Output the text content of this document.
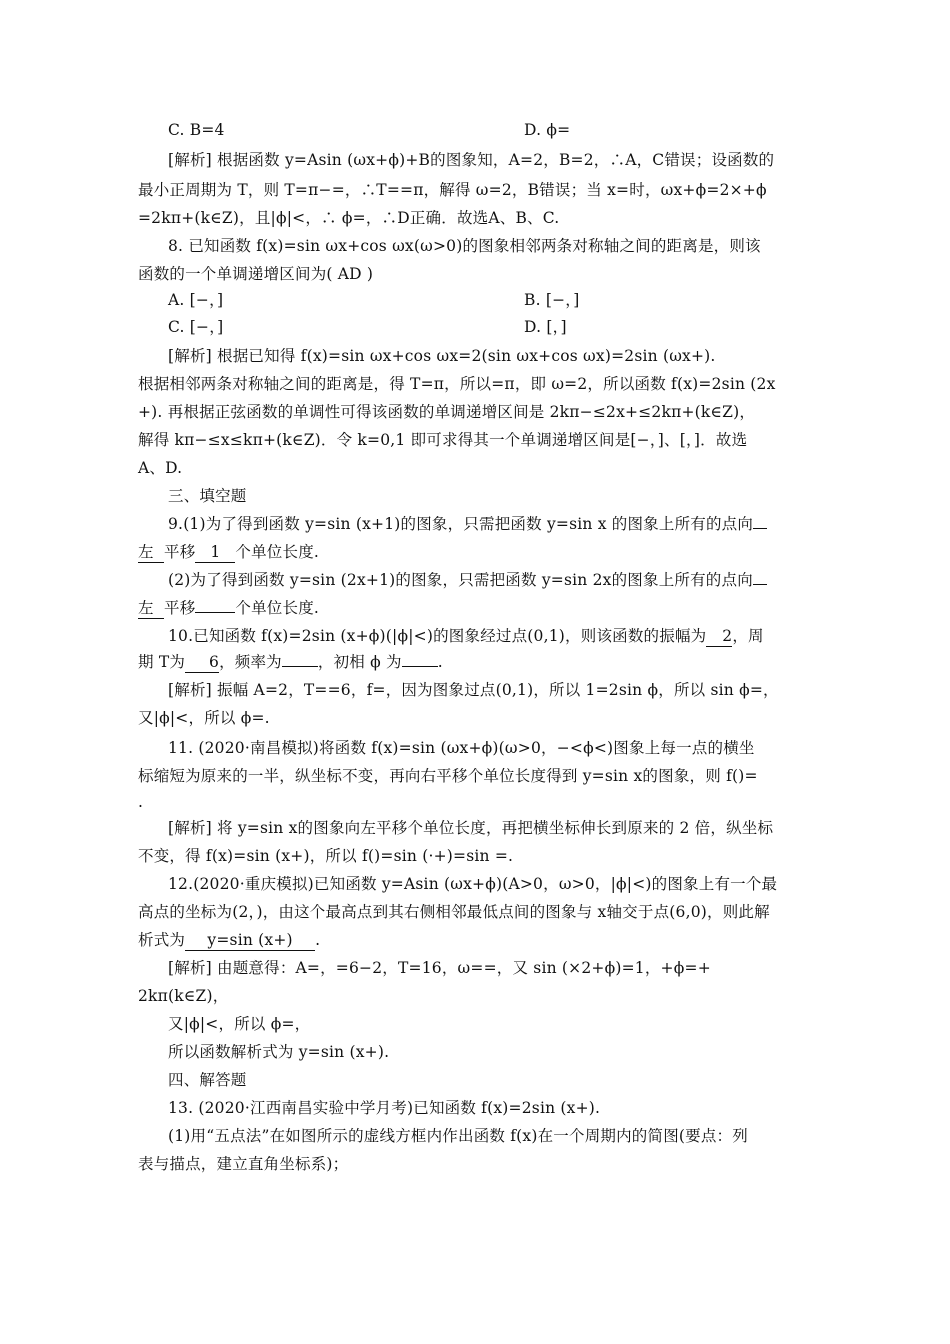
C. B=4	D. ϕ=
[解析] 根据函数 y=Asin (ωx+ϕ)+B的图象知，A=2，B=2，∴A，C错误；设函数的
最小正周期为 T，则 T=π−=，∴T==π，解得 ω=2，B错误；当 x=时，ωx+ϕ=2×+ϕ
=2kπ+(k∈Z)，且|ϕ|<，∴ ϕ=，∴D正确．故选A、B、C.
8. 已知函数 f(x)=sin ωx+cos ωx(ω>0)的图象相邻两条对称轴之间的距离是，则该
函数的一个单调递增区间为( AD )
A. [−，]	B. [−，]
C. [−，]	D. [，]
[解析] 根据已知得 f(x)=sin ωx+cos ωx=2(sin ωx+cos ωx)=2sin (ωx+).
根据相邻两条对称轴之间的距离是，得 T=π，所以=π，即 ω=2，所以函数 f(x)=2sin (2x
+). 再根据正弦函数的单调性可得该函数的单调递增区间是 2kπ−≤2x+≤2kπ+(k∈Z)，
解得 kπ−≤x≤kπ+(k∈Z)．令 k=0,1 即可求得其一个单调递增区间是[−，]、[，]．故选
A、D.
三、填空题
9.(1)为了得到函数 y=sin (x+1)的图象，只需把函数 y=sin x 的图象上所有的点向
左 平移 1 个单位长度.
(2)为了得到函数 y=sin (2x+1)的图象，只需把函数 y=sin 2x的图象上所有的点向
左 平移	个单位长度.
10.已知函数 f(x)=2sin (x+ϕ)(|ϕ|<)的图象经过点(0,1)，则该函数的振幅为 2，周
期 T为 6，频率为 ，初相 ϕ 为 .
[解析] 振幅 A=2，T==6，f=，因为图象过点(0,1)，所以 1=2sin ϕ，所以 sin ϕ=，
又|ϕ|<，所以 ϕ=.
11. (2020·南昌模拟)将函数 f(x)=sin (ωx+ϕ)(ω>0，−<ϕ<)图象上每一点的横坐
标缩短为原来的一半，纵坐标不变，再向右平移个单位长度得到 y=sin x的图象，则 f()=
.
[解析] 将 y=sin x的图象向左平移个单位长度，再把横坐标伸长到原来的 2 倍，纵坐标
不变，得 f(x)=sin (x+)，所以 f()=sin (·+)=sin =.
12.(2020·重庆模拟)已知函数 y=Asin (ωx+ϕ)(A>0，ω>0，|ϕ|<)的图象上有一个最
高点的坐标为(2，)，由这个最高点到其右侧相邻最低点间的图象与 x轴交于点(6,0)，则此解
析式为 y=sin (x+) .
[解析] 由题意得：A=，=6−2，T=16，ω==，又 sin (×2+ϕ)=1，+ϕ=+
2kπ(k∈Z)，
又|ϕ|<，所以 ϕ=，
所以函数解析式为 y=sin (x+).
四、解答题
13. (2020·江西南昌实验中学月考)已知函数 f(x)=2sin (x+).
(1)用“五点法”在如图所示的虚线方框内作出函数 f(x)在一个周期内的简图(要点：列
表与描点，建立直角坐标系)；
